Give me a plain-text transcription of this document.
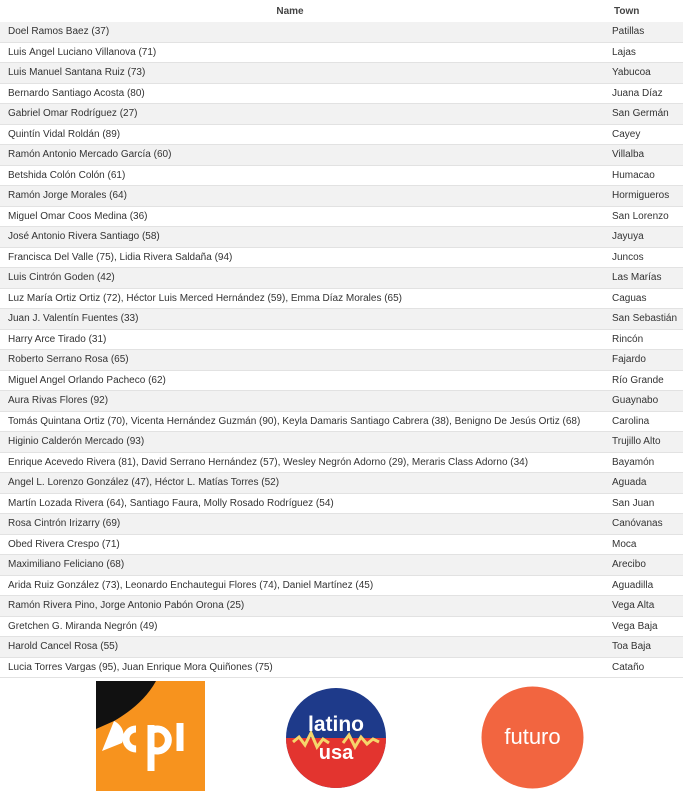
Name	Town
Doel Ramos Baez (37)	Patillas
Luis Ángel Luciano Villanova (71)	Lajas
Luis Manuel Santana Ruiz (73)	Yabucoa
Bernardo Santiago Acosta (80)	Juana Díaz
Gabriel Omar Rodríguez (27)	San Germán
Quintín Vidal Roldán (89)	Cayey
Ramón Antonio Mercado García (60)	Villalba
Betshida Colón Colón (61)	Humacao
Ramón Jorge Morales (64)	Hormigueros
Miguel Omar Coos Medina (36)	San Lorenzo
José Antonio Rivera Santiago (58)	Jayuya
Francisca Del Valle (75), Lidia Rivera Saldaña (94)	Juncos
Luis Cintrón Goden (42)	Las Marías
Luz María Ortiz Ortiz (72), Héctor Luis Merced Hernández (59), Emma Díaz Morales (65)	Caguas
Juan J. Valentín Fuentes (33)	San Sebastián
Harry Arce Tirado (31)	Rincón
Roberto Serrano Rosa (65)	Fajardo
Miguel Angel Orlando Pacheco (62)	Río Grande
Aura Rivas Flores (92)	Guaynabo
Tomás Quintana Ortiz (70), Vicenta Hernández Guzmán (90), Keyla Damaris Santiago Cabrera (38), Benigno De Jesús Ortiz (68)	Carolina
Higinio Calderón Mercado (93)	Trujillo Alto
Enrique Acevedo Rivera (81), David Serrano Hernández (57), Wesley Negrón Adorno (29), Meraris Class Adorno (34)	Bayamón
Ángel L. Lorenzo González (47), Héctor L. Matías Torres (52)	Aguada
Martín Lozada Rivera (64), Santiago Faura, Molly Rosado Rodríguez (54)	San Juan
Rosa Cintrón Irizarry (69)	Canóvanas
Obed Rivera Crespo (71)	Moca
Maximiliano Feliciano (68)	Arecibo
Arida Ruiz González (73), Leonardo Enchautegui Flores (74), Daniel Martínez (45)	Aguadilla
Ramón Rivera Pino, Jorge Antonio Pabón Orona (25)	Vega Alta
Gretchen G. Miranda Negrón (49)	Vega Baja
Harold Cancel Rosa (55)	Toa Baja
Lucia Torres Vargas (95), Juan Enrique Mora Quiñones (75)	Cataño
cpi
latino
usa
futuro
